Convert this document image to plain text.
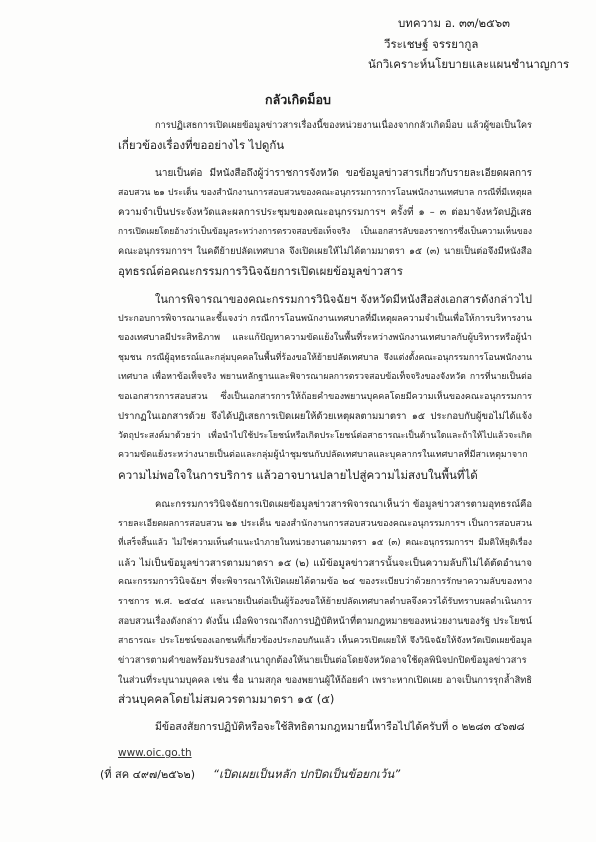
บทความ อ. ๓๓/๒๕๖๓
วีระเชษฐ์ จรรยากูล
นักวิเคราะห์นโยบายและแผนชำนาญการ
กลัวเกิดม็อบ
การปฏิเสธการเปิดเผยข้อมูลข่าวสารเรื่องนี้ของหน่วยงานเนื่องจากกลัวเกิดม็อบ แล้วผู้ขอเป็นใคร
เกี่ยวข้องเรื่องที่ขออย่างไร ไปดูกัน
นายเป็นต่อ มีหนังสือถึงผู้ว่าราชการจังหวัด ขอข้อมูลข่าวสารเกี่ยวกับรายละเอียดผลการ
สอบสวน ๒๑ ประเด็น ของสำนักงานการสอบสวนของคณะอนุกรรมการการโอนพนักงานเทศบาล กรณีที่มีเหตุผล
ความจำเป็นประจังหวัดและผลการประชุมของคณะอนุกรรมการฯ ครั้งที่ ๑ – ๓ ต่อมาจังหวัดปฏิเสธ
การเปิดเผยโดยอ้างว่าเป็นข้อมูลระหว่างการตรวจสอบข้อเท็จจริง เป็นเอกสารลับของราชการซึ่งเป็นความเห็นของ
คณะอนุกรรมการฯ ในคดีย้ายปลัดเทศบาล จึงเปิดเผยให้ไม่ได้ตามมาตรา ๑๕ (๓) นายเป็นต่อจึงมีหนังสือ
อุทธรณ์ต่อคณะกรรมการวินิจฉัยการเปิดเผยข้อมูลข่าวสาร
ในการพิจารณาของคณะกรรมการวินิจฉัยฯ จังหวัดมีหนังสือส่งเอกสารดังกล่าวไป
ประกอบการพิจารณาและชี้แจงว่า กรณีการโอนพนักงานเทศบาลที่มีเหตุผลความจำเป็นเพื่อให้การบริหารงาน
ของเทศบาลมีประสิทธิภาพ และแก้ปัญหาความขัดแย้งในพื้นที่ระหว่างพนักงานเทศบาลกับผู้บริหารหรือผู้นำ
ชุมชน กรณีผู้อุทธรณ์และกลุ่มบุคคลในพื้นที่ร้องขอให้ย้ายปลัดเทศบาล จึงแต่งตั้งคณะอนุกรรมการโอนพนักงาน
เทศบาล เพื่อหาข้อเท็จจริง พยานหลักฐานและพิจารณาผลการตรวจสอบข้อเท็จจริงของจังหวัด การที่นายเป็นต่อ
ขอเอกสารการสอบสวน ซึ่งเป็นเอกสารการให้ถ้อยคำของพยานบุคคลโดยมีความเห็นของคณะอนุกรรมการ
ปรากฏในเอกสารด้วย จึงได้ปฏิเสธการเปิดเผยให้ด้วยเหตุผลตามมาตรา ๑๕ ประกอบกับผู้ขอไม่ได้แจ้ง
วัตถุประสงค์มาด้วยว่า เพื่อนำไปใช้ประโยชน์หรือเกิดประโยชน์ต่อสาธารณะเป็นด้านใดและถ้าให้ไปแล้วจะเกิด
ความขัดแย้งระหว่างนายเป็นต่อและกลุ่มผู้นำชุมชนกับปลัดเทศบาลและบุคลากรในเทศบาลที่มีสาเหตุมาจาก
ความไม่พอใจในการบริการ แล้วอาจบานปลายไปสู่ความไม่สงบในพื้นที่ได้
คณะกรรมการวินิจฉัยการเปิดเผยข้อมูลข่าวสารพิจารณาเห็นว่า ข้อมูลข่าวสารตามอุทธรณ์คือ
รายละเอียดผลการสอบสวน ๒๑ ประเด็น ของสำนักงานการสอบสวนของคณะอนุกรรมการฯ เป็นการสอบสวน
ที่เสร็จสิ้นแล้ว ไม่ใช่ความเห็นคำแนะนำภายในหน่วยงานตามมาตรา ๑๕ (๓) คณะอนุกรรมการฯ มีมติให้ยุติเรื่อง
แล้ว ไม่เป็นข้อมูลข่าวสารตามมาตรา ๑๕ (๒) แม้ข้อมูลข่าวสารนั้นจะเป็นความลับก็ไม่ได้ตัดอำนาจ
คณะกรรมการวินิจฉัยฯ ที่จะพิจารณาให้เปิดเผยได้ตามข้อ ๒๔ ของระเบียบว่าด้วยการรักษาความลับของทาง
ราชการ พ.ศ. ๒๕๔๔ และนายเป็นต่อเป็นผู้ร้องขอให้ย้ายปลัดเทศบาลตำบลจึงควรได้รับทราบผลดำเนินการ
สอบสวนเรื่องดังกล่าว ดังนั้น เมื่อพิจารณาถึงการปฏิบัติหน้าที่ตามกฎหมายของหน่วยงานของรัฐ ประโยชน์
สาธารณะ ประโยชน์ของเอกชนที่เกี่ยวข้องประกอบกันแล้ว เห็นควรเปิดเผยให้ จึงวินิจฉัยให้จังหวัดเปิดเผยข้อมูล
ข่าวสารตามคำขอพร้อมรับรองสำเนาถูกต้องให้นายเป็นต่อโดยจังหวัดอาจใช้ดุลพินิจปกปิดข้อมูลข่าวสาร
ในส่วนที่ระบุนามบุคคล เช่น ชื่อ นามสกุล ของพยานผู้ให้ถ้อยคำ เพราะหากเปิดเผย อาจเป็นการรุกล้ำสิทธิ
ส่วนบุคคลโดยไม่สมควรตามมาตรา ๑๕ (๕)
มีข้อสงสัยการปฏิบัติหรือจะใช้สิทธิตามกฎหมายนี้หารือไปได้ครับที่ ๐ ๒๒๘๓ ๔๖๗๘
www.oic.go.th
(ที่ สค ๔๙๗/๒๕๖๒)	“เปิดเผยเป็นหลัก ปกปิดเป็นข้อยกเว้น”
